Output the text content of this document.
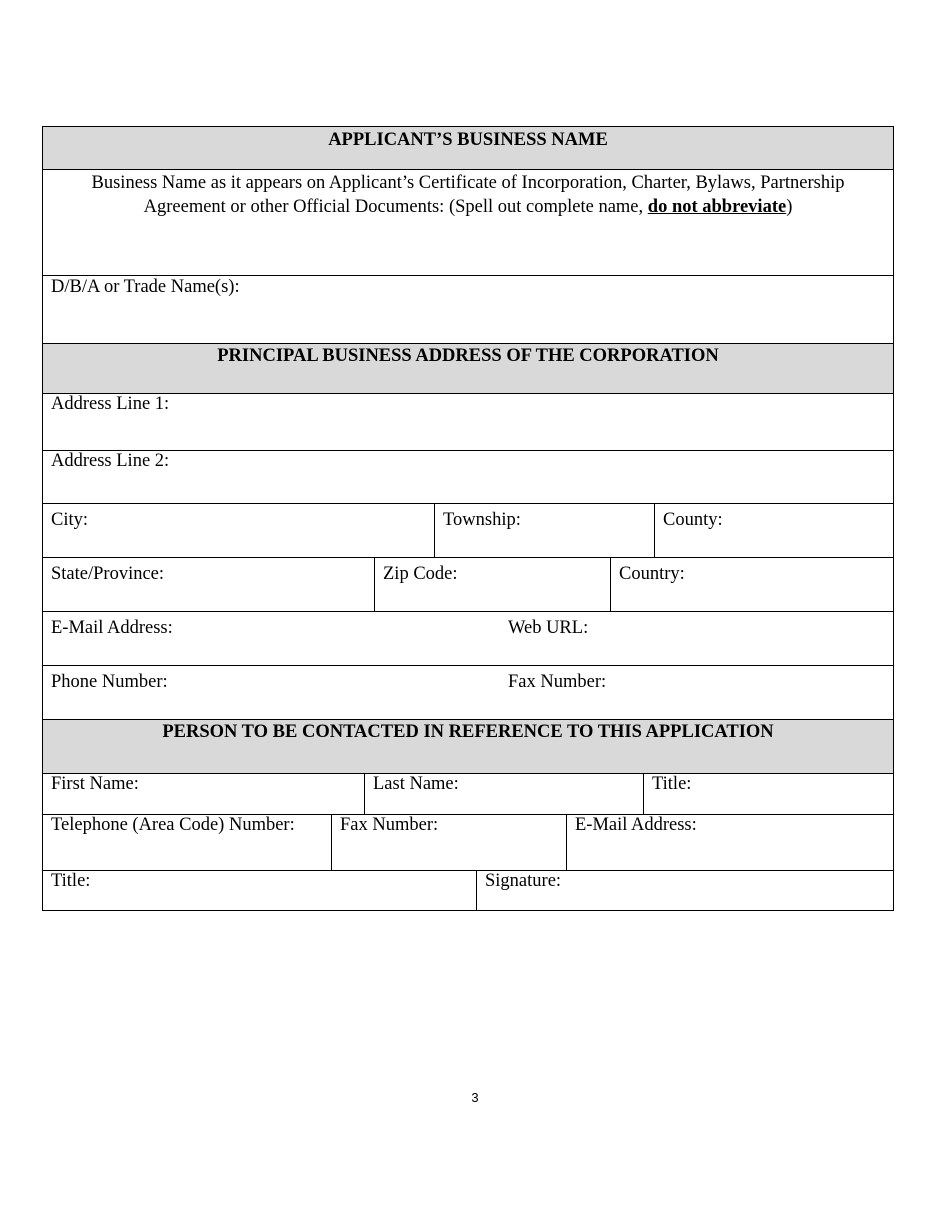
APPLICANT’S BUSINESS NAME
Business Name as it appears on Applicant’s Certificate of Incorporation, Charter, Bylaws, Partnership
Agreement or other Official Documents: (Spell out complete name, do not abbreviate)
D/B/A or Trade Name(s):
PRINCIPAL BUSINESS ADDRESS OF THE CORPORATION
Address Line 1:
Address Line 2:
City:	Township:	County:
State/Province:	Zip Code:	Country:
E-Mail Address:	Web URL:
Phone Number:	Fax Number:
PERSON TO BE CONTACTED IN REFERENCE TO THIS APPLICATION
First Name:	Last Name:	Title:
Telephone (Area Code) Number:	Fax Number:	E-Mail Address:
Title:	Signature:
3
